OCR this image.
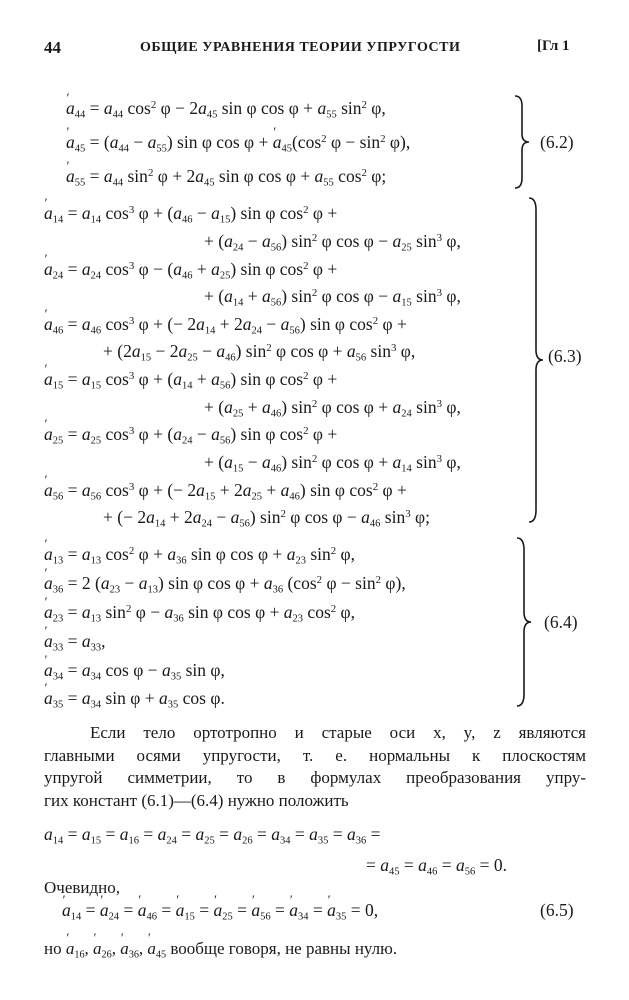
44	ОБЩИЕ УРАВНЕНИЯ ТЕОРИИ УПРУГОСТИ	[Гл 1
a $'_{44} = a_{44}$ $\cos^2 \varphi - 2a_{45}$ sin φ $\cos \varphi + a_{55}$ $\sin^2 \varphi$,
a $'_{45} = (a_{44} - a_{55})$ sin φ cos φ + a $'_{45}(\cos^2$ $\varphi - \sin^2 \varphi$),
a $'_{55} = a_{44}$ $\sin^2 \varphi + 2a_{45}$ sin φ $\cos \varphi + a_{55}$ $\cos^2 \varphi$;
(6.2)
a $'_{14} = a_{14}$ $\cos^3 \varphi + (a_{46} - a_{15})$ sin φ $\cos^2 \varphi$ +
+ $(a_{24} - a_{56})$ $\sin^2 \varphi$ $\cos \varphi - a_{25}$ $\sin^3 \varphi$,
a $'_{24} = a_{24}$ $\cos^3 \varphi - (a_{46} + a_{25})$ sin φ $\cos^2 \varphi$ +
+ $(a_{14} + a_{56})$ $\sin^2 \varphi$ $\cos \varphi - a_{15}$ $\sin^3 \varphi$,
a $'_{46} = a_{46}$ $\cos^3 \varphi$ + (− $2a_{14} + 2a_{24} - a_{56}$) sin φ $\cos^2 \varphi$ +
+ $(2a_{15} - 2a_{25} - a_{46})$ $\sin^2 \varphi$ $\cos \varphi + a_{56}$ $\sin^3 \varphi$,
a $'_{15} = a_{15}$ $\cos^3 \varphi + (a_{14} + a_{56})$ sin φ $\cos^2 \varphi$ +
+ $(a_{25} + a_{46})$ $\sin^2 \varphi$ $\cos \varphi + a_{24}$ $\sin^3 \varphi$,
a $'_{25} = a_{25}$ $\cos^3 \varphi + (a_{24} - a_{56})$ sin φ $\cos^2 \varphi$ +
+ $(a_{15} - a_{46})$ $\sin^2 \varphi$ $\cos \varphi + a_{14}$ $\sin^3 \varphi$,
a $'_{56} = a_{56}$ $\cos^3 \varphi$ + (− $2a_{15} + 2a_{25} + a_{46}$) sin φ $\cos^2 \varphi$ +
+ (− $2a_{14} + 2a_{24} - a_{56}$) $\sin^2 \varphi$ $\cos \varphi - a_{46}$ $\sin^3 \varphi$;
(6.3)
a $'_{13} = a_{13}$ $\cos^2 \varphi + a_{36}$ sin φ $\cos \varphi + a_{23}$ $\sin^2 \varphi$,
a $'_{36} = 2$ $(a_{23} - a_{13})$ sin φ $\cos \varphi + a_{36}$ ($\cos^2$ $\varphi - \sin^2 \varphi$),
a $'_{23} = a_{13}$ $\sin^2 \varphi - a_{36}$ sin φ $\cos \varphi + a_{23}$ $\cos^2 \varphi$,
a $'_{33} = a_{33}$,
a $'_{34} = a_{34}$ $\cos \varphi - a_{35}$ sin φ,
a $'_{35} = a_{34}$ $\sin \varphi + a_{35}$ cos φ.
(6.4)
Если тело ортотропно и старые оси x, y, z являются
главными осями упругости, т. е. нормальны к плоскостям
упругой симметрии, то в формулах преобразования упру-
гих констант (6.1)—(6.4) нужно положить
$a_{14} = a_{15} = a_{16} = a_{24} = a_{25} = a_{26} = a_{34} = a_{35} = a_{36}$ =
= $a_{45} = a_{46} = a_{56} = 0$.
Очевидно,
a $'_{14} = a$ $'_{24} = a$ $'_{46} = a$ $'_{15} = a$ $'_{25} = a$ $'_{56} = a$ $'_{34} = a$ $'_{35} = 0$,	(6.5)
но a $'_{16}$, a $'_{26}$, a $'_{36}$, a $'_{45}$ вообще говоря, не равны нулю.
